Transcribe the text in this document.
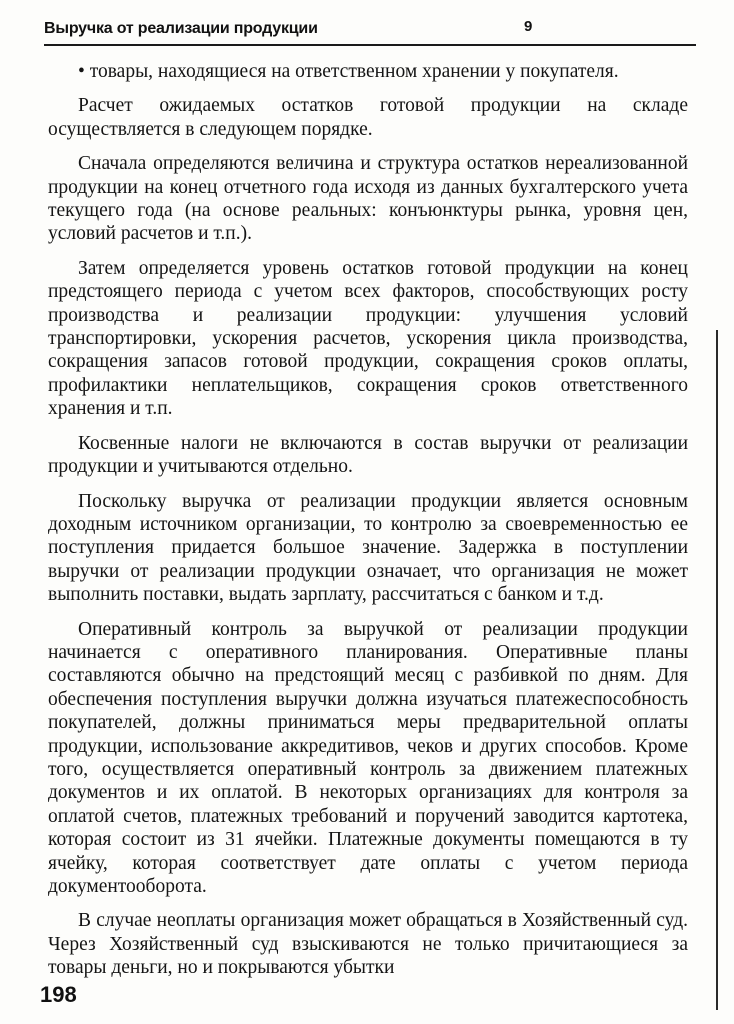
Выручка от реализации продукции	9

• товары, находящиеся на ответственном хранении у покупателя.

Расчет ожидаемых остатков готовой продукции на складе осуществляется в следующем порядке.

Сначала определяются величина и структура остатков нереализованной продукции на конец отчетного года исходя из данных бухгалтерского учета текущего года (на основе реальных: конъюнктуры рынка, уровня цен, условий расчетов и т.п.).

Затем определяется уровень остатков готовой продукции на конец предстоящего периода с учетом всех факторов, способствующих росту производства и реализации продукции: улучшения условий транспортировки, ускорения расчетов, ускорения цикла производства, сокращения запасов готовой продукции, сокращения сроков оплаты, профилактики неплательщиков, сокращения сроков ответственного хранения и т.п.

Косвенные налоги не включаются в состав выручки от реализации продукции и учитываются отдельно.

Поскольку выручка от реализации продукции является основным доходным источником организации, то контролю за своевременностью ее поступления придается большое значение. Задержка в поступлении выручки от реализации продукции означает, что организация не может выполнить поставки, выдать зарплату, рассчитаться с банком и т.д.

Оперативный контроль за выручкой от реализации продукции начинается с оперативного планирования. Оперативные планы составляются обычно на предстоящий месяц с разбивкой по дням. Для обеспечения поступления выручки должна изучаться платежеспособность покупателей, должны приниматься меры предварительной оплаты продукции, использование аккредитивов, чеков и других способов. Кроме того, осуществляется оперативный контроль за движением платежных документов и их оплатой. В некоторых организациях для контроля за оплатой счетов, платежных требований и поручений заводится картотека, которая состоит из 31 ячейки. Платежные документы помещаются в ту ячейку, которая соответствует дате оплаты с учетом периода документооборота.

В случае неоплаты организация может обращаться в Хозяйственный суд. Через Хозяйственный суд взыскиваются не только причитающиеся за товары деньги, но и покрываются убытки

198
